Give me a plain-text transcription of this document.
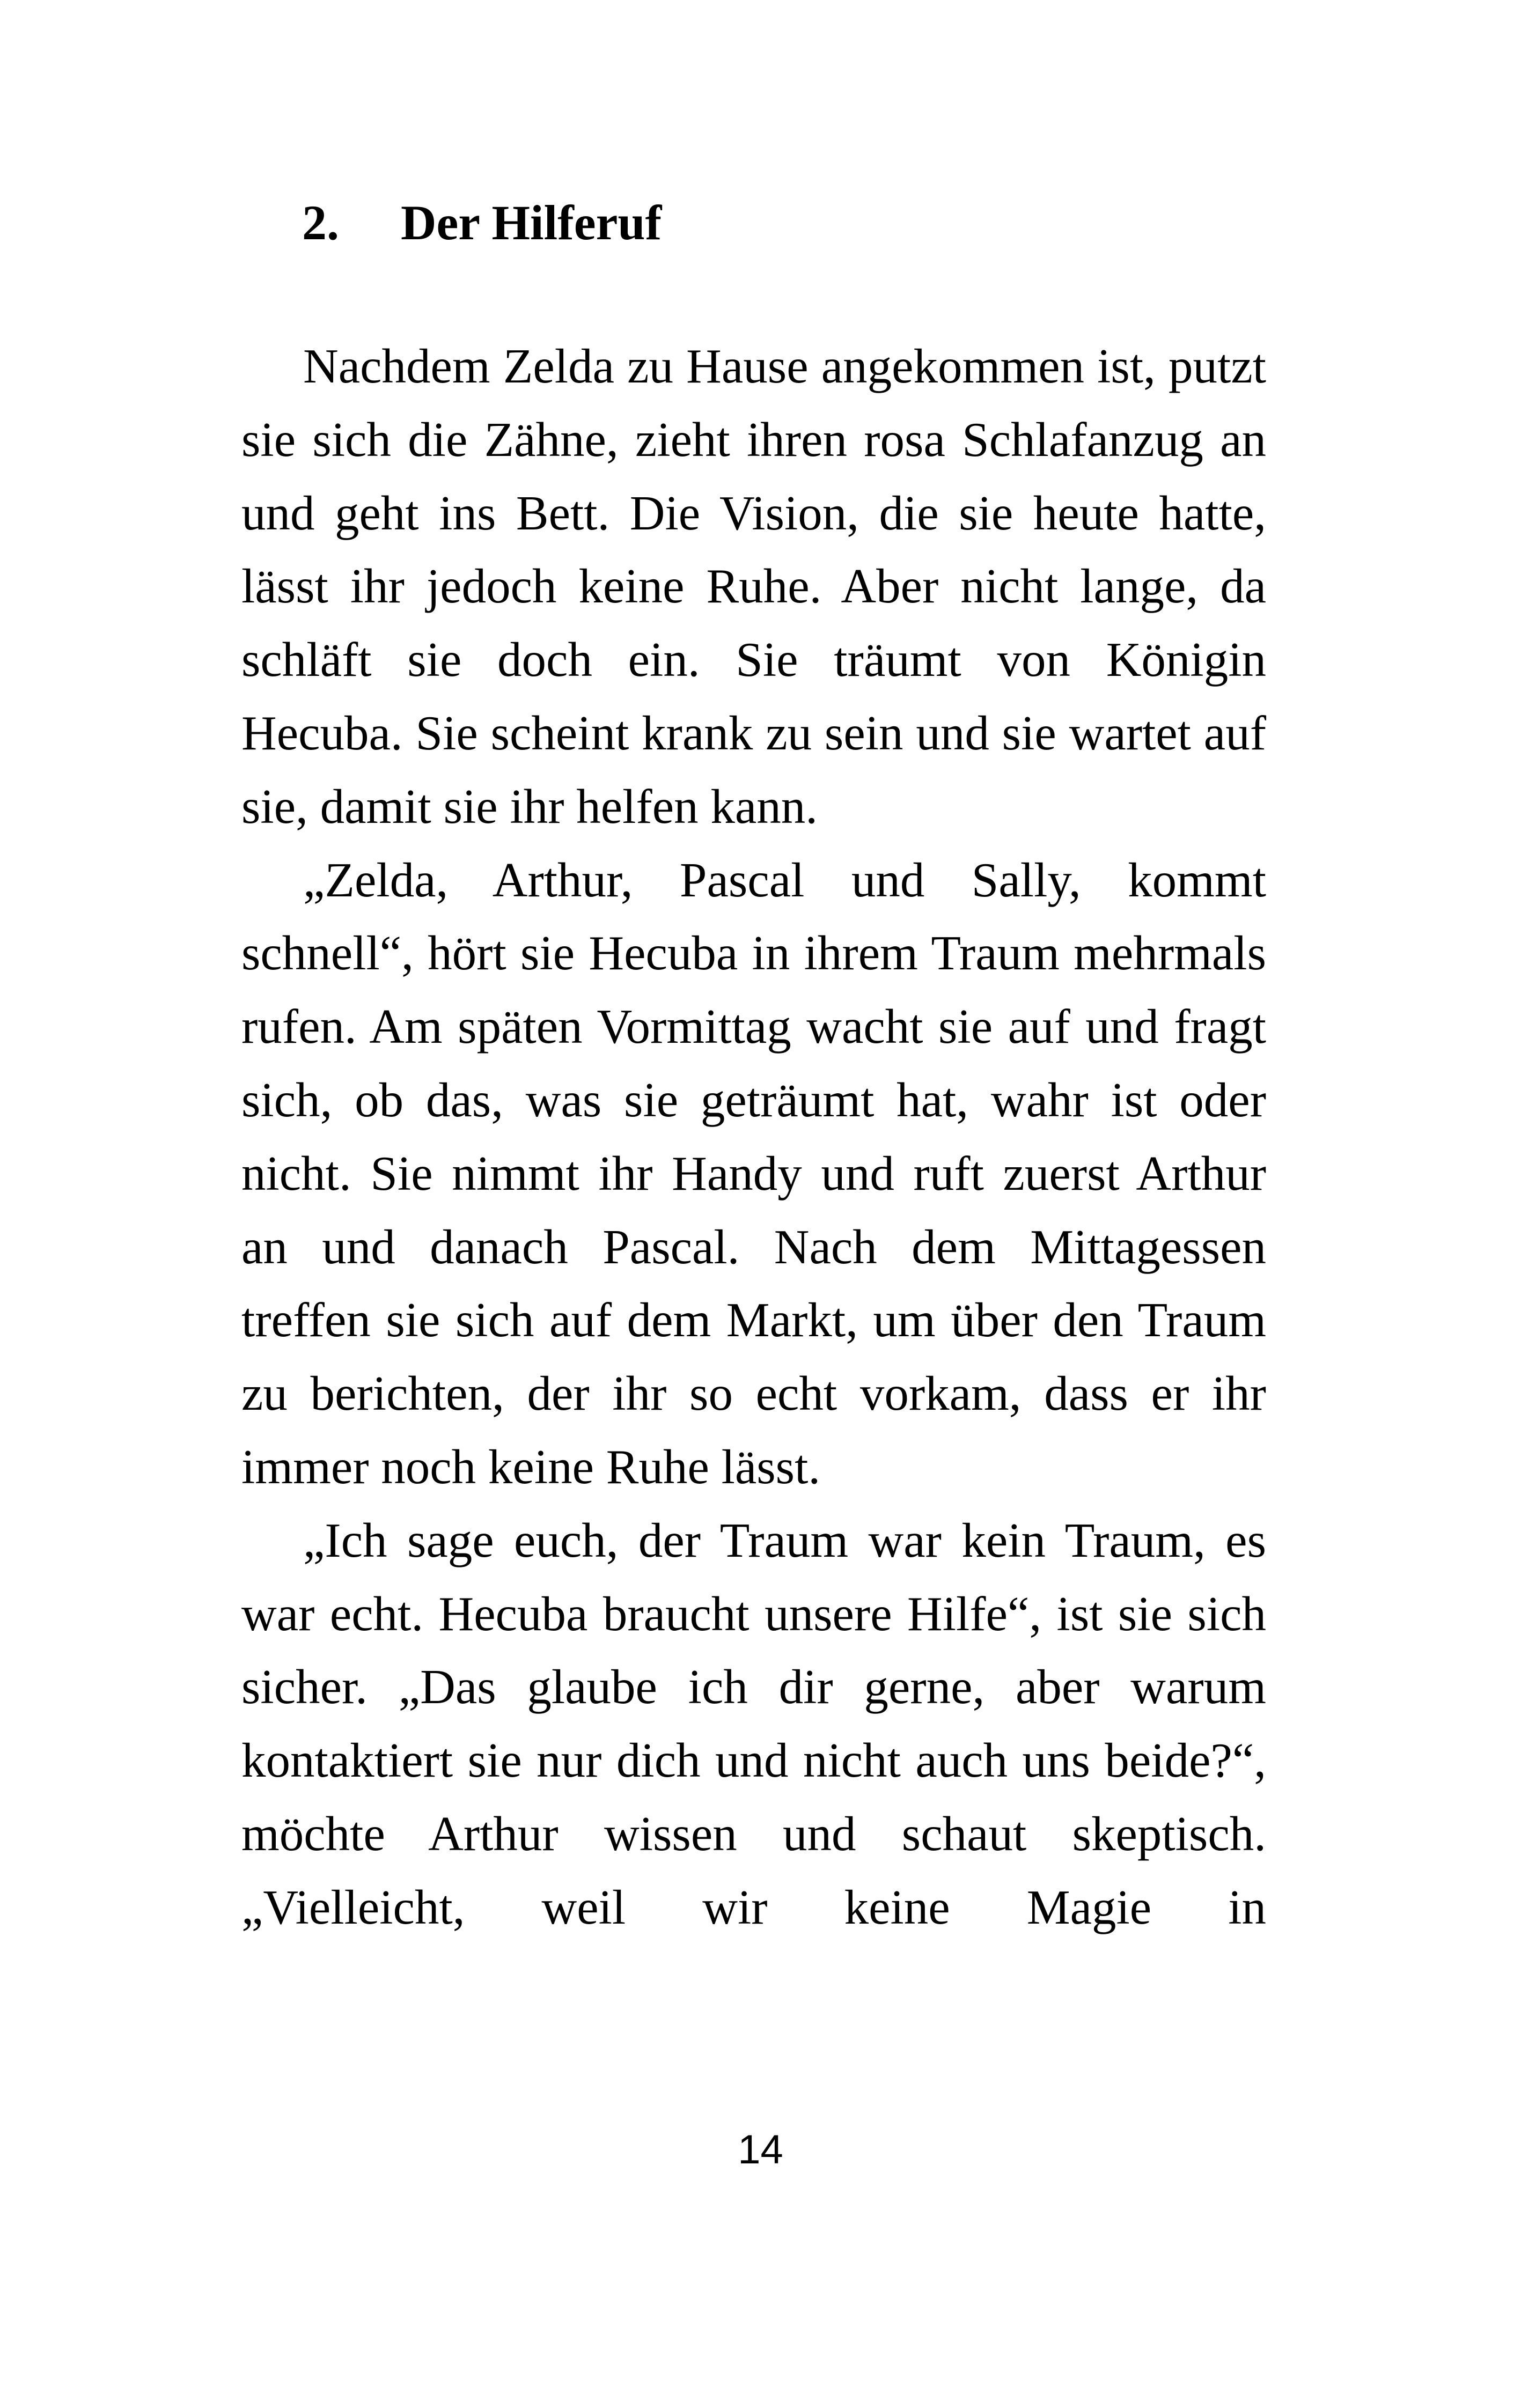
2. Der Hilferuf

Nachdem Zelda zu Hause angekommen ist, putzt sie sich die Zähne, zieht ihren rosa Schlafanzug an und geht ins Bett. Die Vision, die sie heute hatte, lässt ihr jedoch keine Ruhe. Aber nicht lange, da schläft sie doch ein. Sie träumt von Königin Hecuba. Sie scheint krank zu sein und sie wartet auf sie, damit sie ihr helfen kann.

„Zelda, Arthur, Pascal und Sally, kommt schnell“, hört sie Hecuba in ihrem Traum mehrmals rufen. Am späten Vormittag wacht sie auf und fragt sich, ob das, was sie geträumt hat, wahr ist oder nicht. Sie nimmt ihr Handy und ruft zuerst Arthur an und danach Pascal. Nach dem Mittagessen treffen sie sich auf dem Markt, um über den Traum zu berichten, der ihr so echt vorkam, dass er ihr immer noch keine Ruhe lässt.

„Ich sage euch, der Traum war kein Traum, es war echt. Hecuba braucht unsere Hilfe“, ist sie sich sicher. „Das glaube ich dir gerne, aber warum kontaktiert sie nur dich und nicht auch uns beide?“, möchte Arthur wissen und schaut skeptisch. „Vielleicht, weil wir keine Magie in

14
